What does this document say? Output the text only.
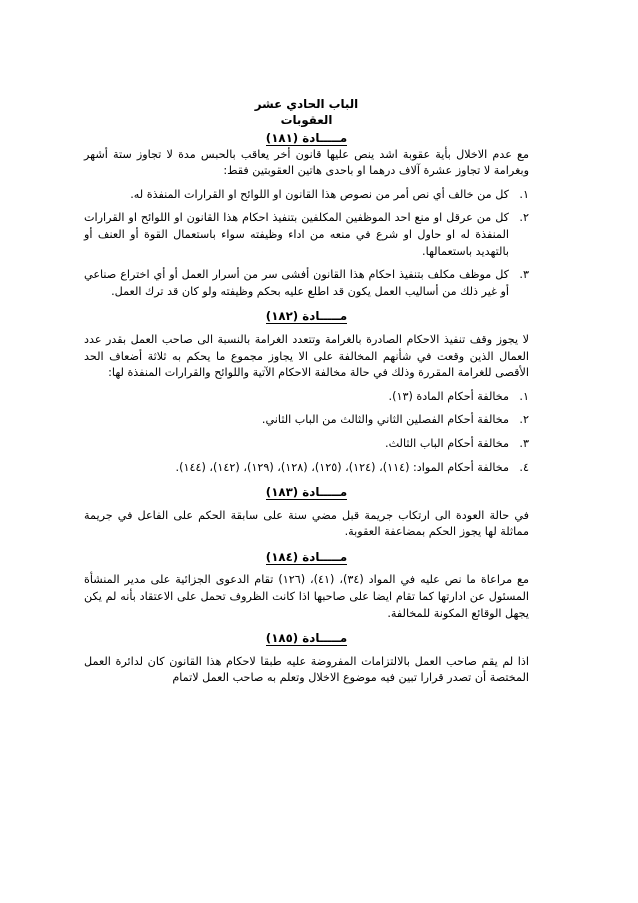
الباب الحادي عشر
العقوبات
مـــــادة (١٨١)

مع عدم الاخلال بأية عقوبة اشد ينص عليها قانون أخر يعاقب بالحبس مدة لا تجاوز ستة أشهر وبغرامة لا تجاوز عشرة آلاف درهما او باحدى هاتين العقوبتين فقط:

١.
كل من خالف أي نص أمر من نصوص هذا القانون او اللوائح او القرارات المنفذة له.
٢.
كل من عرقل او منع احد الموظفين المكلفين بتنفيذ احكام هذا القانون او اللوائح او القرارات المنفذة له او حاول او شرع في منعه من اداء وظيفته سواء باستعمال القوة أو العنف أو بالتهديد باستعمالها.
٣.
كل موظف مكلف بتنفيذ احكام هذا القانون أفشى سر من أسرار العمل أو أي اختراع صناعي أو غير ذلك من أساليب العمل يكون قد اطلع عليه بحكم وظيفته ولو كان قد ترك العمل.
مـــــادة (١٨٢)

لا يجوز وقف تنفيذ الاحكام الصادرة بالغرامة وتتعدد الغرامة بالنسبة الى صاحب العمل بقدر عدد العمال الذين وقعت في شأنهم المخالفة على الا يجاوز مجموع ما يحكم به ثلاثة أضعاف الحد الأقصى للغرامة المقررة وذلك في حالة مخالفة الاحكام الآتية واللوائح والقرارات المنفذة لها:

١.
مخالفة أحكام المادة (١٣).
٢.
مخالفة أحكام الفصلين الثاني والثالث من الباب الثاني.
٣.
مخالفة أحكام الباب الثالث.
٤.
مخالفة أحكام المواد: (١١٤)، (١٢٤)، (١٢٥)، (١٢٨)، (١٢٩)، (١٤٢)، (١٤٤).
مـــــادة (١٨٣)

في حالة العودة الى ارتكاب جريمة قبل مضي سنة على سابقة الحكم على الفاعل في جريمة مماثلة لها يجوز الحكم بمضاعفة العقوبة.

مـــــادة (١٨٤)

مع مراعاة ما نص عليه في المواد (٣٤)، (٤١)، (١٢٦) تقام الدعوى الجزائية على مدير المنشأة المسئول عن ادارتها كما تقام ايضا على صاحبها اذا كانت الظروف تحمل على الاعتقاد بأنه لم يكن يجهل الوقائع المكونة للمخالفة.

مـــــادة (١٨٥)

اذا لم يقم صاحب العمل بالالتزامات المفروضة عليه طبقا لاحكام هذا القانون كان لدائرة العمل المختصة أن تصدر قرارا تبين فيه موضوع الاخلال وتعلم به صاحب العمل لاتمام
